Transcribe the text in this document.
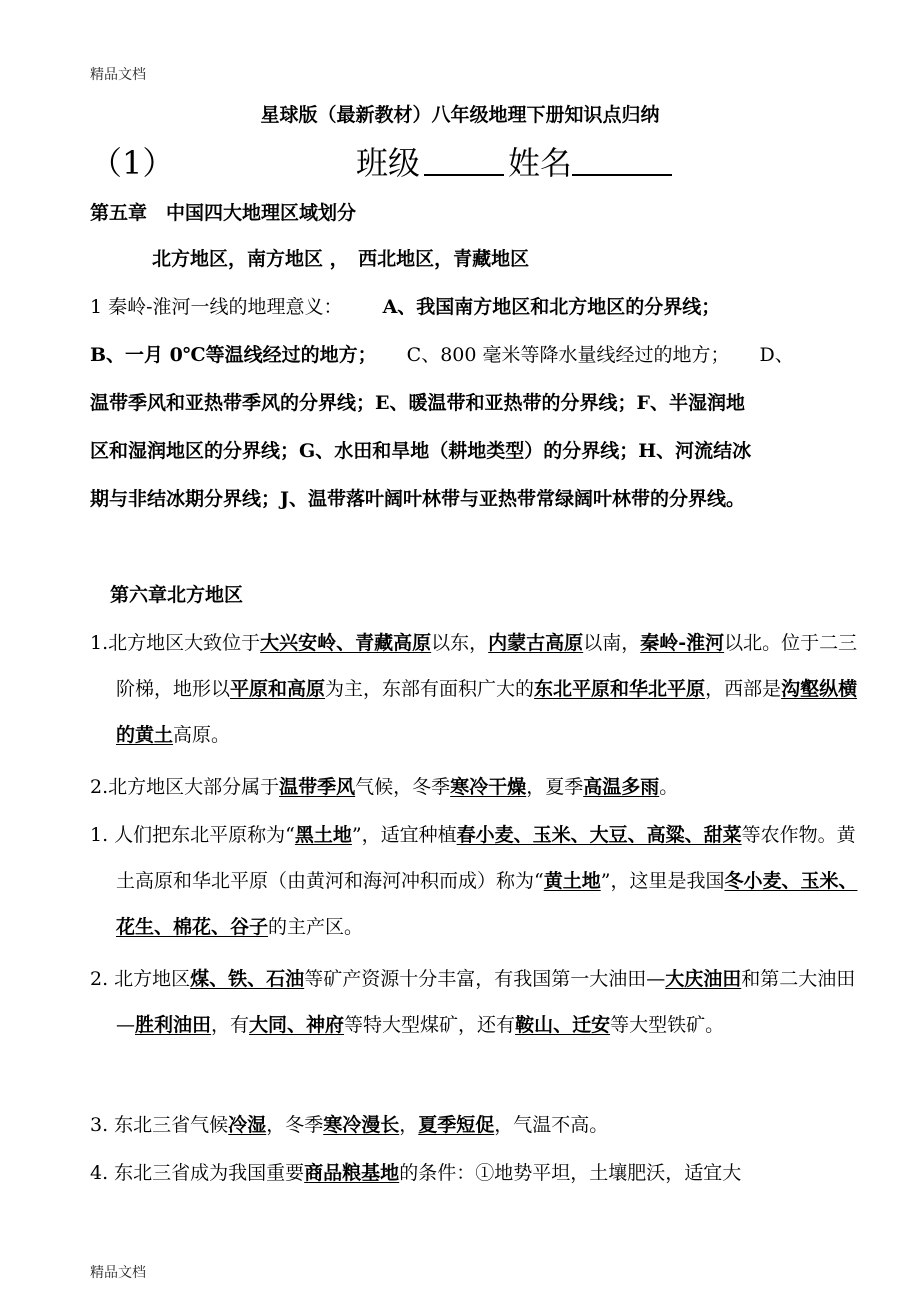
精品文档
星球版（最新教材）八年级地理下册知识点归纳
（1）	班级	姓名
第五章　中国四大地理区域划分
北方地区，南方地区 ，　西北地区，青藏地区
1 秦岭-淮河一线的地理意义： A、我国南方地区和北方地区的分界线；
B、一月 0℃等温线经过的地方； C、800 毫米等降水量线经过的地方； D、
温带季风和亚热带季风的分界线；E、暖温带和亚热带的分界线；F、半湿润地
区和湿润地区的分界线；G、水田和旱地（耕地类型）的分界线；H、河流结冰
期与非结冰期分界线；J、温带落叶阔叶林带与亚热带常绿阔叶林带的分界线。
第六章北方地区
1.北方地区大致位于大兴安岭、青藏高原以东，内蒙古高原以南，秦岭-淮河以北。位于二三阶梯，地形以平原和高原为主，东部有面积广大的东北平原和华北平原，西部是沟壑纵横的黄土高原。
2.北方地区大部分属于温带季风气候，冬季寒冷干燥，夏季高温多雨。
1. 人们把东北平原称为“黑土地”，适宜种植春小麦、玉米、大豆、高粱、甜菜等农作物。黄土高原和华北平原（由黄河和海河冲积而成）称为“黄土地”，这里是我国冬小麦、玉米、花生、棉花、谷子的主产区。
2. 北方地区煤、铁、石油等矿产资源十分丰富，有我国第一大油田—大庆油田和第二大油田—胜利油田，有大同、神府等特大型煤矿，还有鞍山、迁安等大型铁矿。
3. 东北三省气候冷湿，冬季寒冷漫长，夏季短促，气温不高。
4. 东北三省成为我国重要商品粮基地的条件：①地势平坦，土壤肥沃，适宜大
精品文档
